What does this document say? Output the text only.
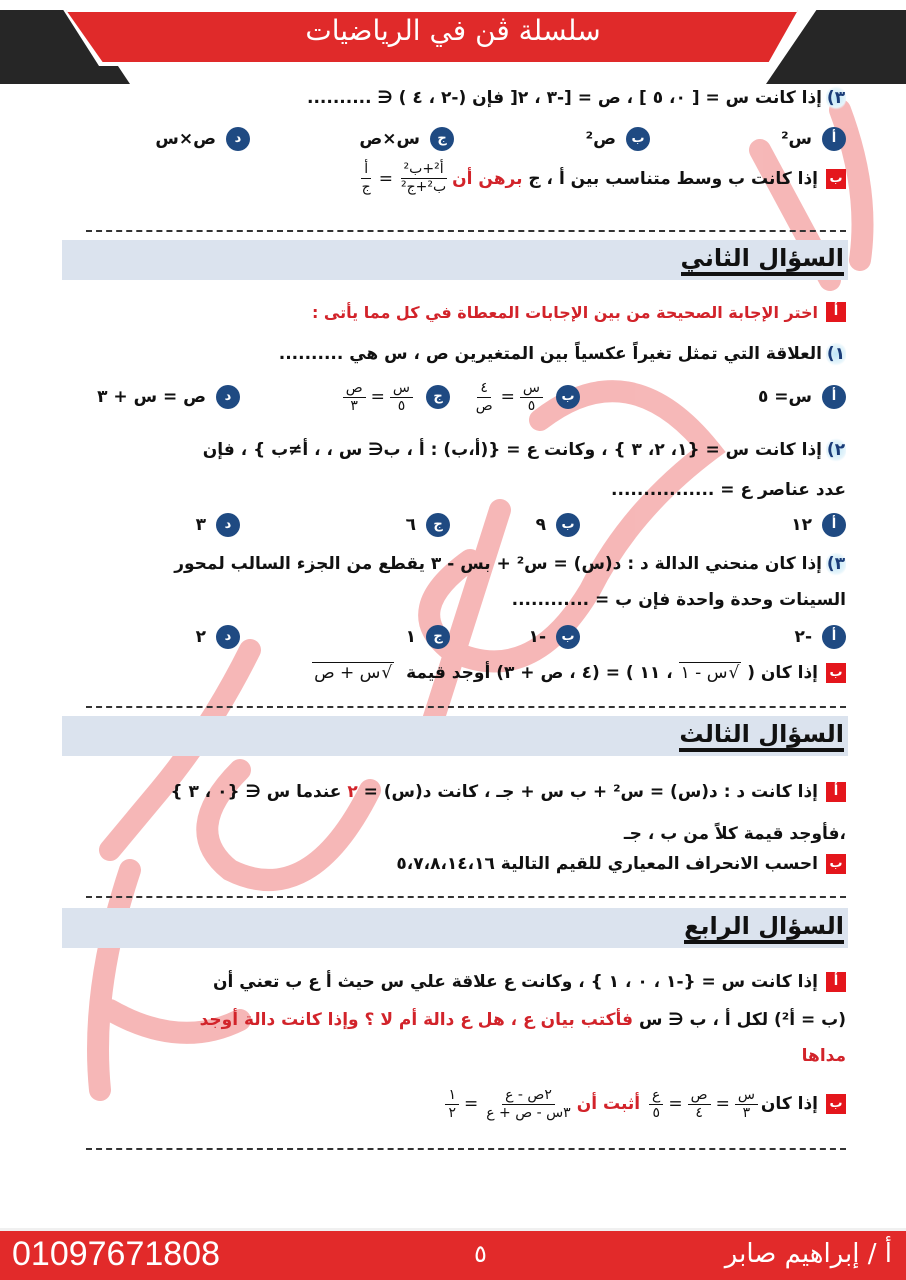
سلسلة ڤن في الرياضيات
٣)
إذا كانت س = [ ٠، ٥ ] ، ص = [-٣ ، ٢[ فإن (-٢ ، ٤ ) ∈ ..........
أ
س²
ب
ص²
ج
س×ص
د
ص×س
ب
إذا كانت ب وسط متناسب بين أ ، ج

برهن أن
$\frac{\text{أ²+ب²}}{\text{ب²+ج²}}$
=
$\frac{\text{أ}}{\text{ج}}$
السؤال الثاني
أ
اختر الإجابة الصحيحة من بين الإجابات المعطاة في كل مما يأتى :
١)
العلاقة التي تمثل تغيراً عكسياً بين المتغيرين ص ، س هي ..........
أ
س= ٥
ب
$\frac{\text{س}}{٥}$
=
$\frac{٤}{\text{ص}}$
ج
$\frac{\text{س}}{٥}$
=
$\frac{\text{ص}}{٣}$
د
ص = س + ٣
٢)
إذا كانت س = {١، ٢، ٣ } ، وكانت ع = {(أ،ب) : أ ، ب∈ س ، ، أ≠ب } ، فإن
عدد عناصر ع = ................
أ
١٢
ب
٩
ج
٦
د
٣
٣)
إذا كان منحني الدالة د : د(س) = س² + بس - ٣ يقطع من الجزء السالب لمحور
السينات وحدة واحدة فإن ب = ............
أ
-٢
ب
-١
ج
١
د
٢
ب
إذا كان (

√ س - ١

، ١١ ) = (٤ ، ص + ٣) أوجد قيمة

√ س + ص
السؤال الثالث
أ
إذا كانت د : د(س) = س² + ب س + جـ ، كانت د(س) =

٢

عندما س ∈ {٠ ، ٣ }
،فأوجد قيمة كلاً من ب ، جـ
ب
احسب الانحراف المعياري للقيم التالية ٥،٧،٨،١٤،١٦
السؤال الرابع
أ
إذا كانت س = {-١ ، ٠ ، ١ } ، وكانت ع علاقة علي س حيث أ ع ب تعني أن
(ب = أ²) لكل أ ، ب ∈ س

فأكتب بيان ع ، هل ع دالة أم لا ؟ وإذا كانت دالة أوجد
مداها
ب
إذا كان
$\frac{\text{س}}{٣}$
=
$\frac{\text{ص}}{٤}$
=
$\frac{\text{ع}}{٥}$

أثبت أن
$\frac{\text{٢ص - ع}}{\text{٣س - ص + ع}}$
=
$\frac{١}{٢}$
01097671808	٥	أ / إبراهيم صابر
